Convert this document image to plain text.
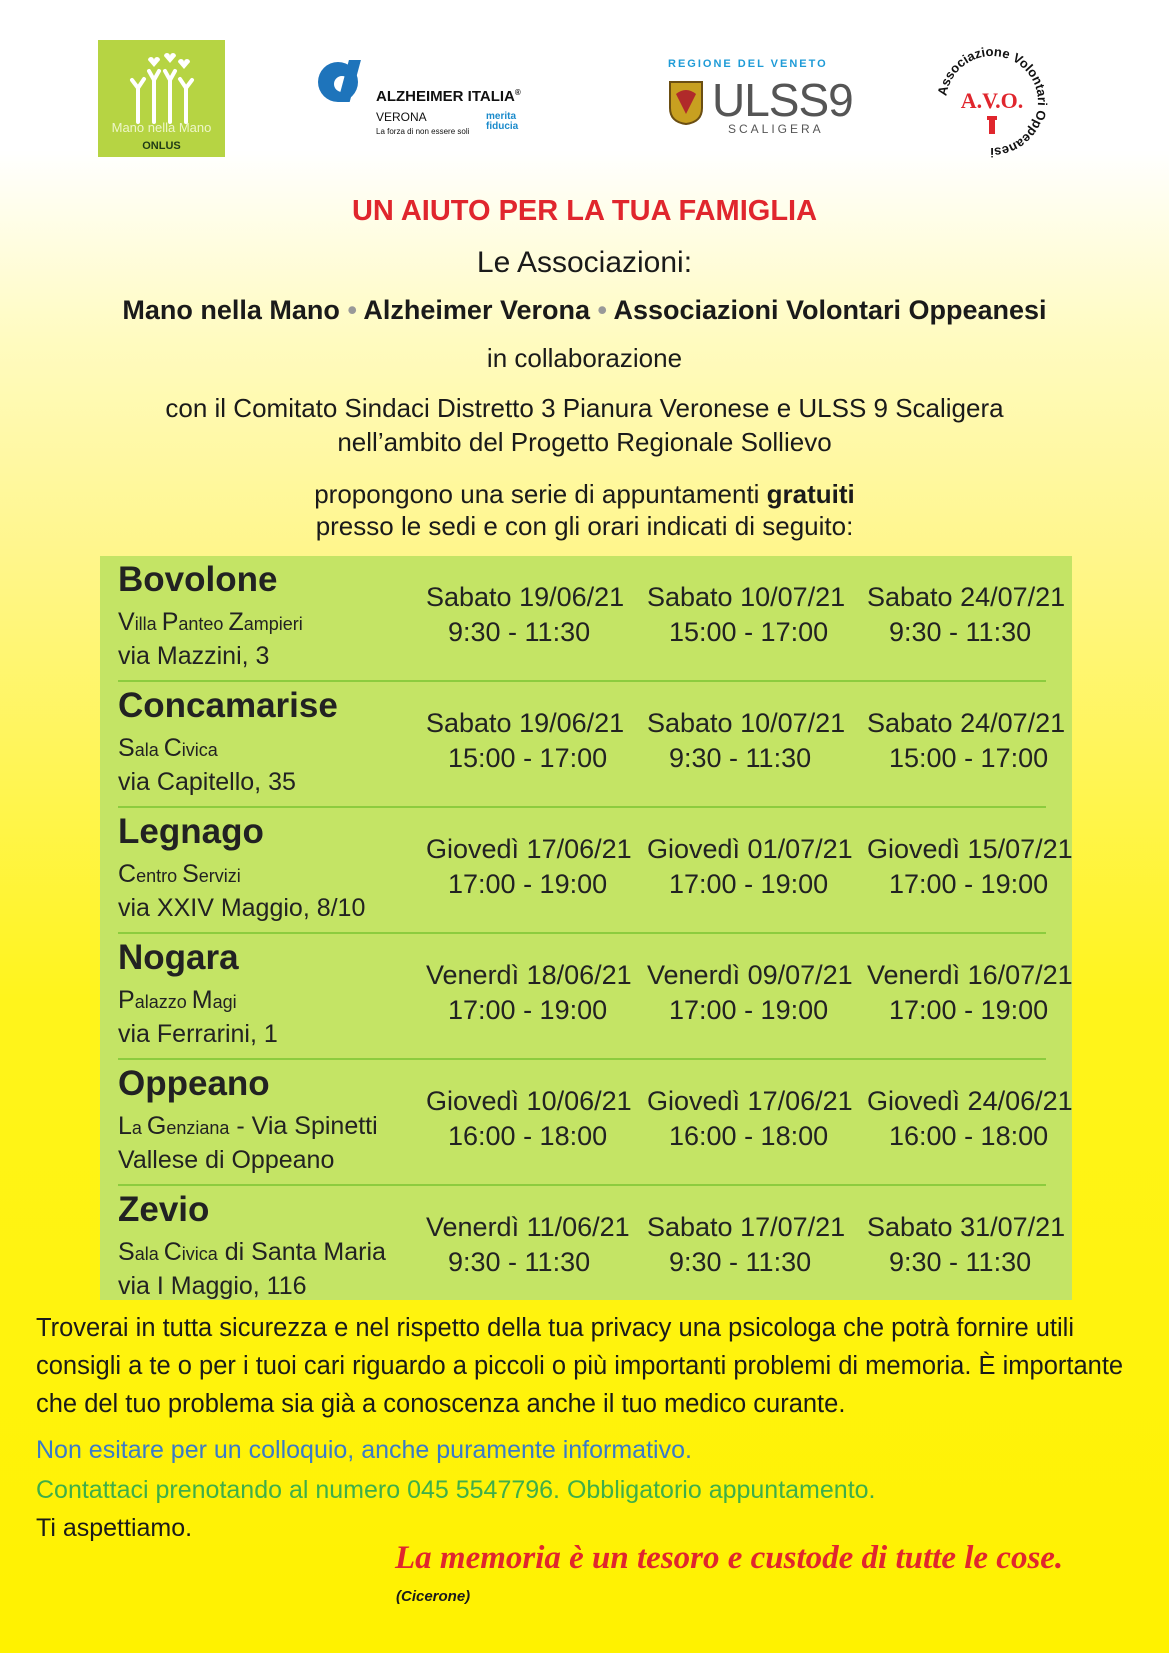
Mano nella Mano
ONLUS
ALZHEIMER ITALIA®
VERONA
La forza di non essere soli
merita
fiducia
REGIONE DEL VENETO
ULSS9
SCALIGERA
Associazione Volontari Oppeanesi
A.V.O.
UN AIUTO PER LA TUA FAMIGLIA
Le Associazioni:
Mano nella Mano • Alzheimer Verona • Associazioni Volontari Oppeanesi
in collaborazione
con il Comitato Sindaci Distretto 3 Pianura Veronese e ULSS 9 Scaligera
nell’ambito del Progetto Regionale Sollievo
propongono una serie di appuntamenti gratuiti
presso le sedi e con gli orari indicati di seguito:
Bovolone
Villa Panteo Zampieri
via Mazzini, 3
Sabato 19/06/21
9:30 - 11:30
Sabato 10/07/21
15:00 - 17:00
Sabato 24/07/21
9:30 - 11:30
Concamarise
Sala Civica
via Capitello, 35
Sabato 19/06/21
15:00 - 17:00
Sabato 10/07/21
9:30 - 11:30
Sabato 24/07/21
15:00 - 17:00
Legnago
Centro Servizi
via XXIV Maggio, 8/10
Giovedì 17/06/21
17:00 - 19:00
Giovedì 01/07/21
17:00 - 19:00
Giovedì 15/07/21
17:00 - 19:00
Nogara
Palazzo Magi
via Ferrarini, 1
Venerdì 18/06/21
17:00 - 19:00
Venerdì 09/07/21
17:00 - 19:00
Venerdì 16/07/21
17:00 - 19:00
Oppeano
La Genziana - Via Spinetti
Vallese di Oppeano
Giovedì 10/06/21
16:00 - 18:00
Giovedì 17/06/21
16:00 - 18:00
Giovedì 24/06/21
16:00 - 18:00
Zevio
Sala Civica di Santa Maria
via I Maggio, 116
Venerdì 11/06/21
9:30 - 11:30
Sabato 17/07/21
9:30 - 11:30
Sabato 31/07/21
9:30 - 11:30
Troverai in tutta sicurezza e nel rispetto della tua privacy una psicologa che potrà fornire utili consigli a te o per i tuoi cari riguardo a piccoli o più importanti problemi di memoria. È importante che del tuo problema sia già a conoscenza anche il tuo medico curante.
Non esitare per un colloquio, anche puramente informativo.
Contattaci prenotando al numero 045 5547796. Obbligatorio appuntamento.
Ti aspettiamo.
La memoria è un tesoro e custode di tutte le cose.
(Cicerone)
